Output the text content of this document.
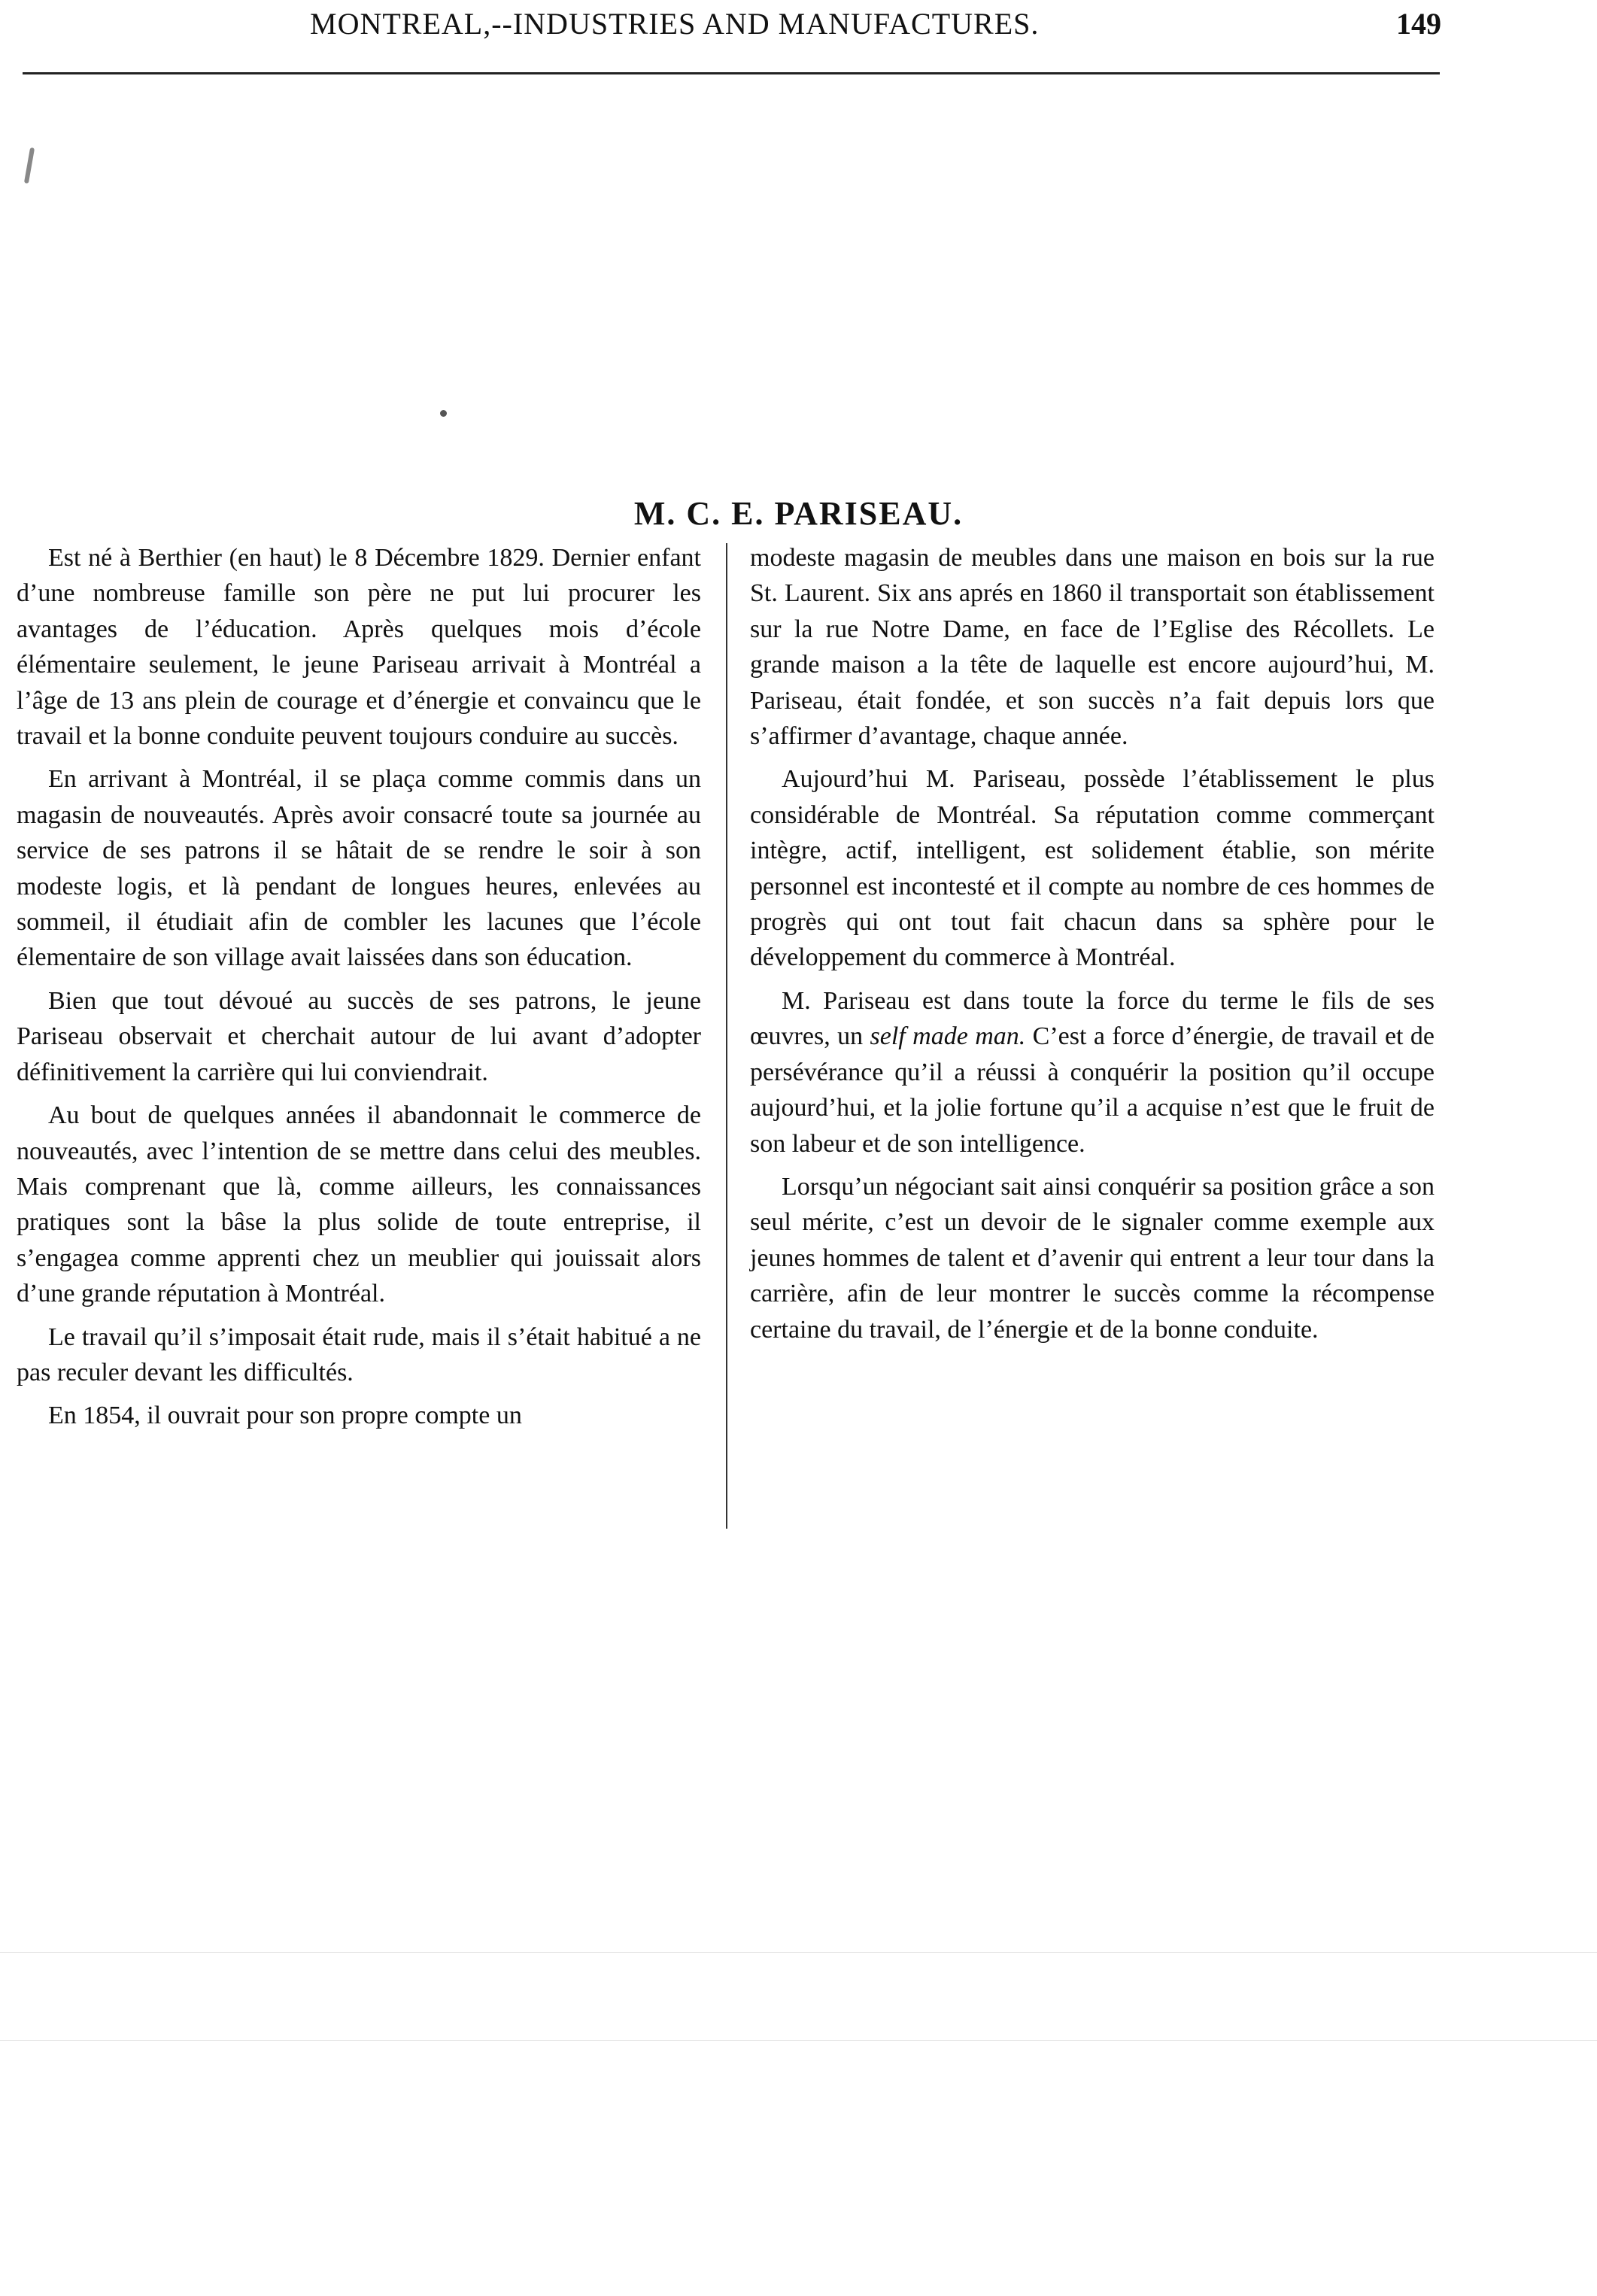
MONTREAL,--INDUSTRIES AND MANUFACTURES.	149
M. C. E. PARISEAU.

Est né à Berthier (en haut) le 8 Décembre 1829. Dernier enfant d’une nombreuse famille son père ne put lui procurer les avantages de l’éducation. Après quelques mois d’école élémentaire seulement, le jeune Pariseau arrivait à Montréal a l’âge de 13 ans plein de courage et d’énergie et convaincu que le travail et la bonne conduite peuvent toujours conduire au succès.

En arrivant à Montréal, il se plaça comme commis dans un magasin de nouveautés. Après avoir consacré toute sa journée au service de ses patrons il se hâtait de se rendre le soir à son modeste logis, et là pendant de longues heures, enlevées au sommeil, il étudiait afin de combler les lacunes que l’école élementaire de son village avait laissées dans son éducation.

Bien que tout dévoué au succès de ses patrons, le jeune Pariseau observait et cherchait autour de lui avant d’adopter définitivement la carrière qui lui conviendrait.

Au bout de quelques années il abandonnait le commerce de nouveautés, avec l’intention de se mettre dans celui des meubles. Mais comprenant que là, comme ailleurs, les connaissances pratiques sont la bâse la plus solide de toute entreprise, il s’engagea comme apprenti chez un meublier qui jouissait alors d’une grande réputation à Montréal.

Le travail qu’il s’imposait était rude, mais il s’était habitué a ne pas reculer devant les difficultés.

En 1854, il ouvrait pour son propre compte un

modeste magasin de meubles dans une maison en bois sur la rue St. Laurent. Six ans aprés en 1860 il transportait son établissement sur la rue Notre Dame, en face de l’Eglise des Récollets. Le grande maison a la tête de laquelle est encore aujourd’hui, M. Pariseau, était fondée, et son succès n’a fait depuis lors que s’affirmer d’avantage, chaque année.

Aujourd’hui M. Pariseau, possède l’établissement le plus considérable de Montréal. Sa réputation comme commerçant intègre, actif, intelligent, est solidement établie, son mérite personnel est incontesté et il compte au nombre de ces hommes de progrès qui ont tout fait chacun dans sa sphère pour le développement du commerce à Montréal.

M. Pariseau est dans toute la force du terme le fils de ses œuvres, un self made man. C’est a force d’énergie, de travail et de persévérance qu’il a réussi à conquérir la position qu’il occupe aujourd’hui, et la jolie fortune qu’il a acquise n’est que le fruit de son labeur et de son intelligence.

Lorsqu’un négociant sait ainsi conquérir sa position grâce a son seul mérite, c’est un devoir de le signaler comme exemple aux jeunes hommes de talent et d’avenir qui entrent a leur tour dans la carrière, afin de leur montrer le succès comme la récompense certaine du travail, de l’énergie et de la bonne conduite.
